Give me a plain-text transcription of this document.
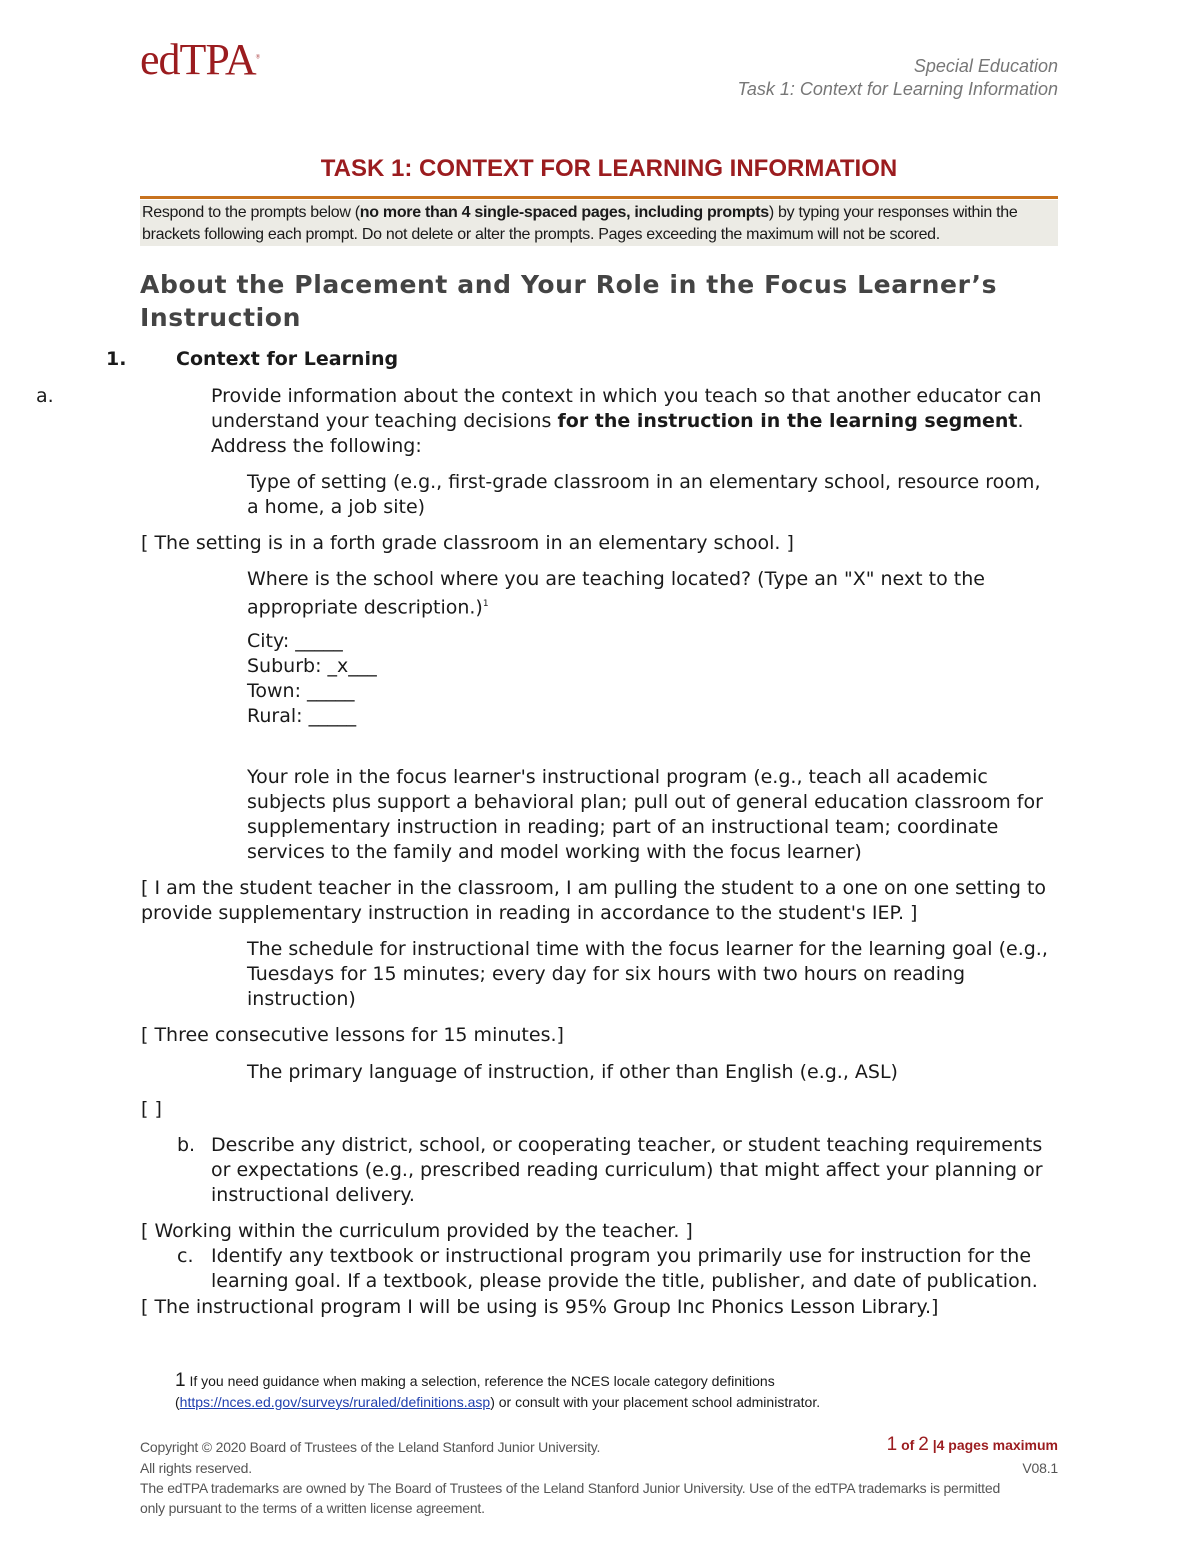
edTPA®	Special Education
Task 1: Context for Learning Information
TASK 1: CONTEXT FOR LEARNING INFORMATION
Respond to the prompts below (no more than 4 single-spaced pages, including prompts) by typing your responses within the brackets following each prompt. Do not delete or alter the prompts. Pages exceeding the maximum will not be scored.
About the Placement and Your Role in the Focus Learner’s Instruction
1.	Context for Learning
a.	Provide information about the context in which you teach so that another educator can understand your teaching decisions for the instruction in the learning segment. Address the following:
Type of setting (e.g., first-grade classroom in an elementary school, resource room, a home, a job site)
[ The setting is in a forth grade classroom in an elementary school. ]
Where is the school where you are teaching located? (Type an "X" next to the appropriate description.)$^1$
City: _____
Suburb: _x___
Town: _____
Rural: _____
Your role in the focus learner's instructional program (e.g., teach all academic subjects plus support a behavioral plan; pull out of general education classroom for supplementary instruction in reading; part of an instructional team; coordinate services to the family and model working with the focus learner)
[ I am the student teacher in the classroom, I am pulling the student to a one on one setting to provide supplementary instruction in reading in accordance to the student's IEP. ]
The schedule for instructional time with the focus learner for the learning goal (e.g., Tuesdays for 15 minutes; every day for six hours with two hours on reading instruction)
[ Three consecutive lessons for 15 minutes.]
The primary language of instruction, if other than English (e.g., ASL)
[ ]
b. Describe any district, school, or cooperating teacher, or student teaching requirements or expectations (e.g., prescribed reading curriculum) that might affect your planning or instructional delivery.
[ Working within the curriculum provided by the teacher. ]
c. Identify any textbook or instructional program you primarily use for instruction for the learning goal. If a textbook, please provide the title, publisher, and date of publication.
[ The instructional program I will be using is 95% Group Inc Phonics Lesson Library.]
1 If you need guidance when making a selection, reference the NCES locale category definitions (https://nces.ed.gov/surveys/ruraled/definitions.asp) or consult with your placement school administrator.
Copyright © 2020 Board of Trustees of the Leland Stanford Junior University.
All rights reserved.
The edTPA trademarks are owned by The Board of Trustees of the Leland Stanford Junior University. Use of the edTPA trademarks is permitted only pursuant to the terms of a written license agreement.
1 of 2 |4 pages maximum
V08.1
